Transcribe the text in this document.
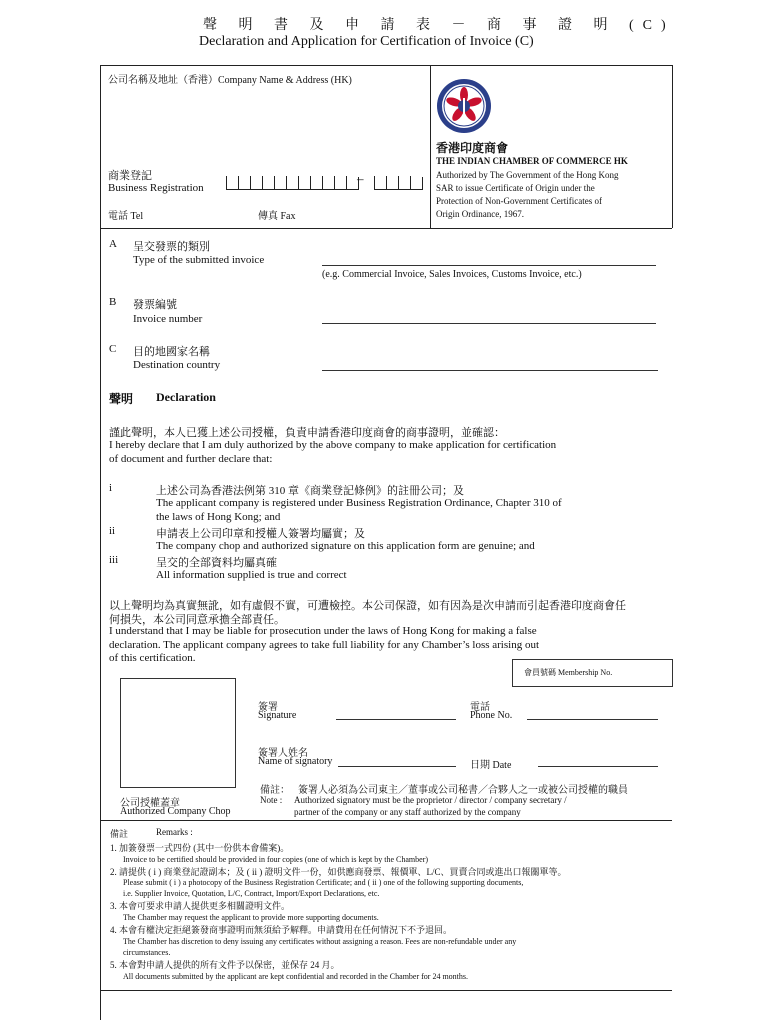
聲 明 書 及 申 請 表 － 商 事 證 明 (C)
Declaration and Application for Certification of Invoice (C)
公司名稱及地址（香港）Company Name & Address (HK)
商業登記
Business Registration
–
電話 Tel	傳真 Fax
香港印度商會
THE INDIAN CHAMBER OF COMMERCE HK
Authorized by The Government of the Hong Kong
SAR to issue Certificate of Origin under the
Protection of Non-Government Certificates of
Origin Ordinance, 1967.
A 呈交發票的類別
Type of the submitted invoice
(e.g. Commercial Invoice, Sales Invoices, Customs Invoice, etc.)
B 發票編號
Invoice number
C 目的地國家名稱
Destination country
聲明 Declaration
謹此聲明，本人已獲上述公司授權，負責申請香港印度商會的商事證明，並確認：
I hereby declare that I am duly authorized by the above company to make application for certification
of document and further declare that:
i	上述公司為香港法例第 310 章《商業登記條例》的註冊公司；及
The applicant company is registered under Business Registration Ordinance, Chapter 310 of
the laws of Hong Kong; and
ii	申請表上公司印章和授權人簽署均屬實；及
The company chop and authorized signature on this application form are genuine; and
iii	呈交的全部資料均屬真確
All information supplied is true and correct
以上聲明均為真實無訛，如有虛假不實，可遭檢控。本公司保證，如有因為是次申請而引起香港印度商會任
何損失，本公司同意承擔全部責任。
I understand that I may be liable for prosecution under the laws of Hong Kong for making a false
declaration. The applicant company agrees to take full liability for any Chamber’s loss arising out
of this certification.
會員號碼 Membership No.
公司授權蓋章
Authorized Company Chop
簽署
Signature
電話
Phone No.
簽署人姓名
Name of signatory	日期 Date
備註： 簽署人必須為公司東主／董事或公司秘書／合夥人之一或被公司授權的職員
Note : Authorized signatory must be the proprietor / director / company secretary /
partner of the company or any staff authorized by the company
備註	Remarks :
1. 加簽發票一式四份 (其中一份供本會備案)。
Invoice to be certified should be provided in four copies (one of which is kept by the Chamber)
2. 請提供 ( i ) 商業登記證副本；及 ( ii ) 證明文件一份，如供應商發票、報價單、L/C、買賣合同或進出口報關單等。
Please submit ( i ) a photocopy of the Business Registration Certificate; and ( ii ) one of the following supporting documents,
i.e. Supplier Invoice, Quotation, L/C, Contract, Import/Export Declarations, etc.
3. 本會可要求申請人提供更多相關證明文件。
The Chamber may request the applicant to provide more supporting documents.
4. 本會有權決定拒絕簽發商事證明而無須給予解釋。申請費用在任何情況下不予退回。
The Chamber has discretion to deny issuing any certificates without assigning a reason. Fees are non-refundable under any
circumstances.
5. 本會對申請人提供的所有文件予以保密，並保存 24 月。
All documents submitted by the applicant are kept confidential and recorded in the Chamber for 24 months.
